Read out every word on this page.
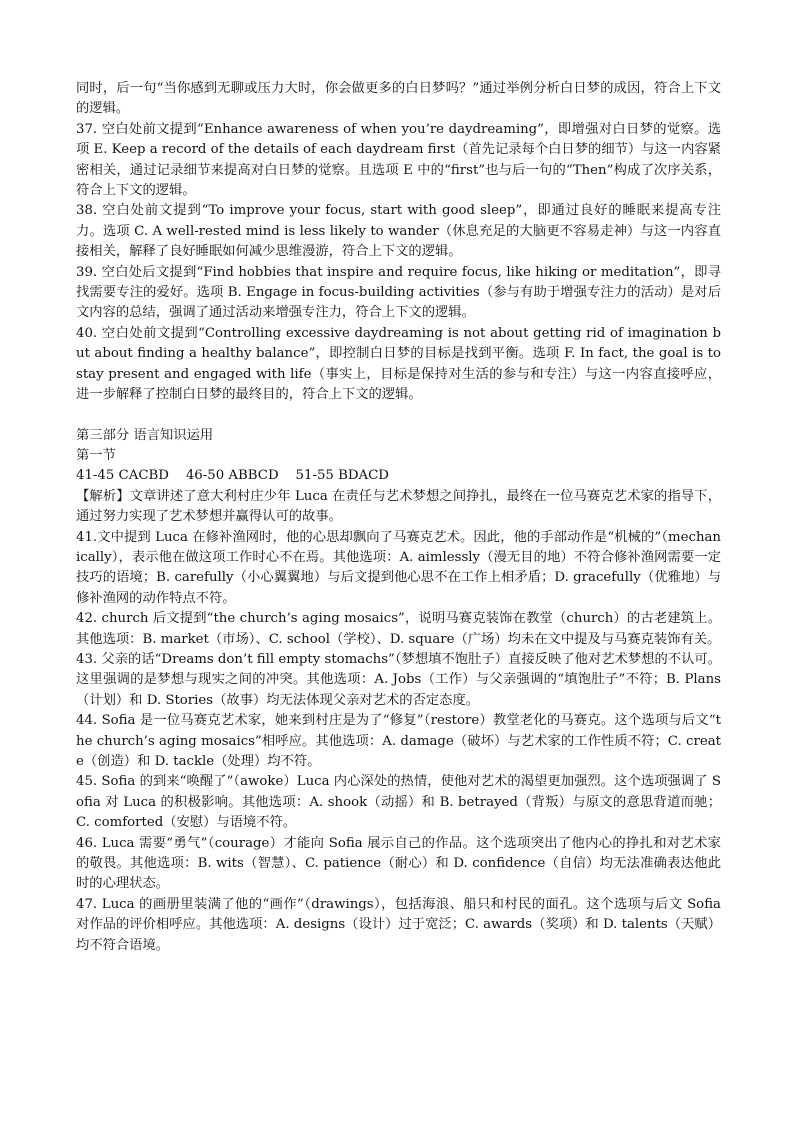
同时，后一句“当你感到无聊或压力大时，你会做更多的白日梦吗？”通过举例分析白日梦的成因，符合上下文的逻辑。

37. 空白处前文提到“Enhance awareness of when you’re daydreaming”，即增强对白日梦的觉察。选项 E. Keep a record of the details of each daydream first（首先记录每个白日梦的细节）与这一内容紧密相关，通过记录细节来提高对白日梦的觉察。且选项 E 中的“first”也与后一句的“Then”构成了次序关系，符合上下文的逻辑。

38. 空白处前文提到“To improve your focus, start with good sleep”，即通过良好的睡眠来提高专注力。选项 C. A well-rested mind is less likely to wander（休息充足的大脑更不容易走神）与这一内容直接相关，解释了良好睡眠如何减少思维漫游，符合上下文的逻辑。

39. 空白处后文提到“Find hobbies that inspire and require focus, like hiking or meditation”，即寻找需要专注的爱好。选项 B. Engage in focus-building activities（参与有助于增强专注力的活动）是对后文内容的总结，强调了通过活动来增强专注力，符合上下文的逻辑。

40. 空白处前文提到“Controlling excessive daydreaming is not about getting rid of imagination but about finding a healthy balance”，即控制白日梦的目标是找到平衡。选项 F. In fact, the goal is to stay present and engaged with life（事实上，目标是保持对生活的参与和专注）与这一内容直接呼应，进一步解释了控制白日梦的最终目的，符合上下文的逻辑。

第三部分 语言知识运用

第一节

41-45 CACBD    46-50 ABBCD    51-55 BDACD

【解析】文章讲述了意大利村庄少年 Luca 在责任与艺术梦想之间挣扎，最终在一位马赛克艺术家的指导下，通过努力实现了艺术梦想并赢得认可的故事。

41.文中提到 Luca 在修补渔网时，他的心思却飘向了马赛克艺术。因此，他的手部动作是“机械的”（mechanically），表示他在做这项工作时心不在焉。其他选项：A. aimlessly（漫无目的地）不符合修补渔网需要一定技巧的语境；B. carefully（小心翼翼地）与后文提到他心思不在工作上相矛盾；D. gracefully（优雅地）与修补渔网的动作特点不符。

42. church 后文提到“the church’s aging mosaics”，说明马赛克装饰在教堂（church）的古老建筑上。其他选项：B. market（市场）、C. school（学校）、D. square（广场）均未在文中提及与马赛克装饰有关。

43. 父亲的话“Dreams don’t fill empty stomachs”（梦想填不饱肚子）直接反映了他对艺术梦想的不认可。这里强调的是梦想与现实之间的冲突。其他选项：A. Jobs（工作）与父亲强调的“填饱肚子”不符；B. Plans（计划）和 D. Stories（故事）均无法体现父亲对艺术的否定态度。

44. Sofia 是一位马赛克艺术家，她来到村庄是为了“修复”（restore）教堂老化的马赛克。这个选项与后文“the church’s aging mosaics”相呼应。其他选项：A. damage（破坏）与艺术家的工作性质不符；C. create（创造）和 D. tackle（处理）均不符。

45. Sofia 的到来“唤醒了”（awoke）Luca 内心深处的热情，使他对艺术的渴望更加强烈。这个选项强调了 Sofia 对 Luca 的积极影响。其他选项：A. shook（动摇）和 B. betrayed（背叛）与原文的意思背道而驰；C. comforted（安慰）与语境不符。

46. Luca 需要“勇气”（courage）才能向 Sofia 展示自己的作品。这个选项突出了他内心的挣扎和对艺术家的敬畏。其他选项：B. wits（智慧）、C. patience（耐心）和 D. confidence（自信）均无法准确表达他此时的心理状态。

47. Luca 的画册里装满了他的“画作”（drawings），包括海浪、船只和村民的面孔。这个选项与后文 Sofia 对作品的评价相呼应。其他选项：A. designs（设计）过于宽泛；C. awards（奖项）和 D. talents（天赋）均不符合语境。
